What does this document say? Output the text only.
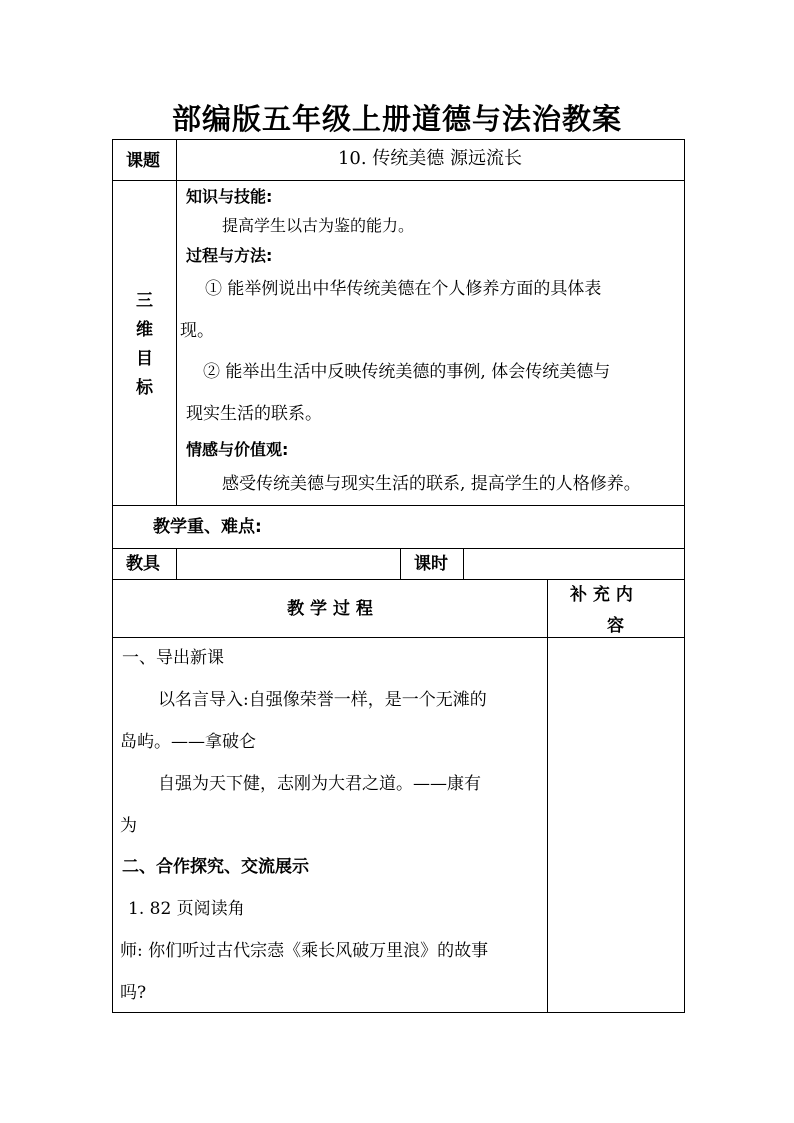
部编版五年级上册道德与法治教案
课题	10. 传统美德 源远流长
三
维
目
标
知识与技能:
提高学生以古为鉴的能力。
过程与方法:
① 能举例说出中华传统美德在个人修养方面的具体表
现。
② 能举出生活中反映传统美德的事例, 体会传统美德与
现实生活的联系。
情感与价值观:
感受传统美德与现实生活的联系, 提高学生的人格修养。
教学重、难点:
教具	课时
教 学 过 程
补 充 内
容
一、导出新课
以名言导入:自强像荣誉一样，是一个无滩的
岛屿。——拿破仑
自强为天下健，志刚为大君之道。——康有
为
二、合作探究、交流展示
1. 82 页阅读角
师: 你们听过古代宗悫《乘长风破万里浪》的故事
吗?
